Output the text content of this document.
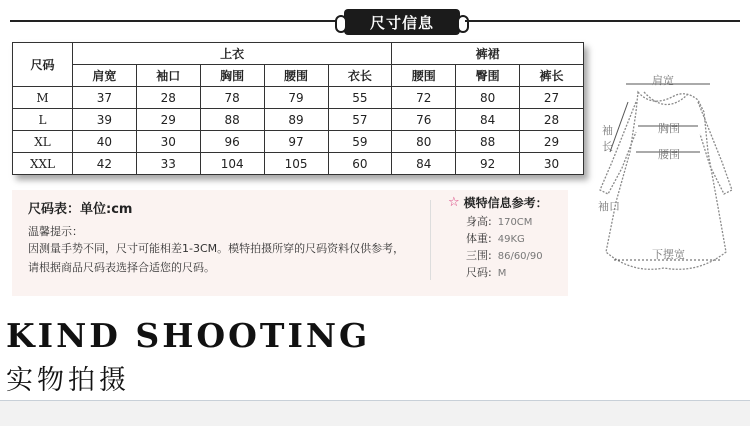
尺寸信息
尺码	上衣					裤裙		
	肩宽	袖口	胸围	腰围	衣长	腰围	臀围	裤长
M	37	28	78	79	55	72	80	27
L	39	29	88	89	57	76	84	28
XL	40	30	96	97	59	80	88	29
XXL	42	33	104	105	60	84	92	30
尺码表：单位:cm
温馨提示：
因测量手势不同，尺寸可能相差1-3CM。模特拍摄所穿的尺码资料仅供参考，
请根据商品尺码表选择合适您的尺码。
☆ 模特信息参考：
身高: 170CM
体重: 49KG
三围: 86/60/90
尺码: M
肩宽
袖
长
胸围
腰围
袖口
下摆宽
KIND SHOOTING
实物拍摄
